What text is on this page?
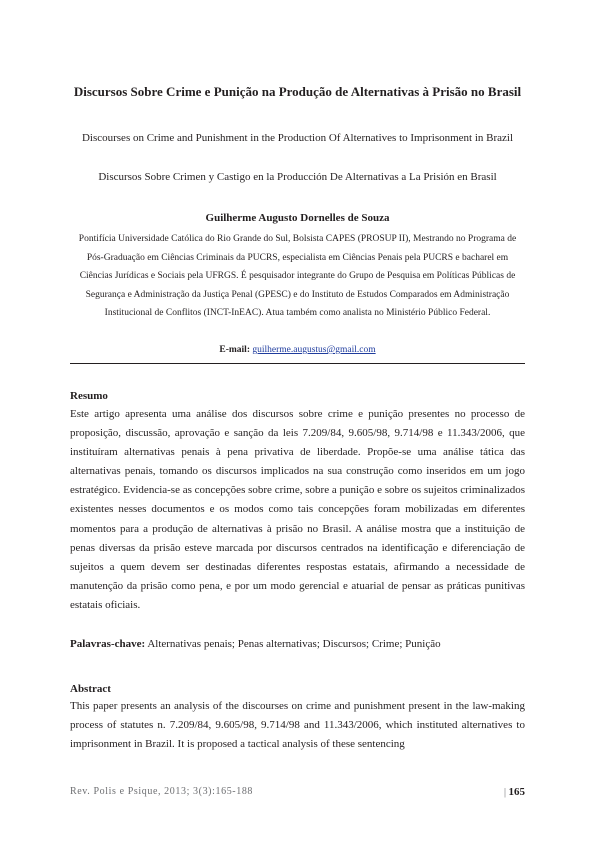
Discursos Sobre Crime e Punição na Produção de Alternativas à Prisão no Brasil
Discourses on Crime and Punishment in the Production Of Alternatives to Imprisonment in Brazil
Discursos Sobre Crimen y Castigo en la Producción De Alternativas a La Prisión en Brasil
Guilherme Augusto Dornelles de Souza
Pontifícia Universidade Católica do Rio Grande do Sul, Bolsista CAPES (PROSUP II), Mestrando no Programa de Pós-Graduação em Ciências Criminais da PUCRS, especialista em Ciências Penais pela PUCRS e bacharel em Ciências Jurídicas e Sociais pela UFRGS. É pesquisador integrante do Grupo de Pesquisa em Políticas Públicas de Segurança e Administração da Justiça Penal (GPESC) e do Instituto de Estudos Comparados em Administração Institucional de Conflitos (INCT-InEAC). Atua também como analista no Ministério Público Federal.
E-mail: guilherme.augustus@gmail.com
Resumo
Este artigo apresenta uma análise dos discursos sobre crime e punição presentes no processo de proposição, discussão, aprovação e sanção da leis 7.209/84, 9.605/98, 9.714/98 e 11.343/2006, que instituíram alternativas penais à pena privativa de liberdade. Propõe-se uma análise tática das alternativas penais, tomando os discursos implicados na sua construção como inseridos em um jogo estratégico. Evidencia-se as concepções sobre crime, sobre a punição e sobre os sujeitos criminalizados existentes nesses documentos e os modos como tais concepções foram mobilizadas em diferentes momentos para a produção de alternativas à prisão no Brasil. A análise mostra que a instituição de penas diversas da prisão esteve marcada por discursos centrados na identificação e diferenciação de sujeitos a quem devem ser destinadas diferentes respostas estatais, afirmando a necessidade de manutenção da prisão como pena, e por um modo gerencial e atuarial de pensar as práticas punitivas estatais oficiais.
Palavras-chave: Alternativas penais; Penas alternativas; Discursos; Crime; Punição
Abstract
This paper presents an analysis of the discourses on crime and punishment present in the law-making process of statutes n. 7.209/84, 9.605/98, 9.714/98 and 11.343/2006, which instituted alternatives to imprisonment in Brazil. It is proposed a tactical analysis of these sentencing
Rev. Polis e Psique, 2013; 3(3):165-188	| 165
